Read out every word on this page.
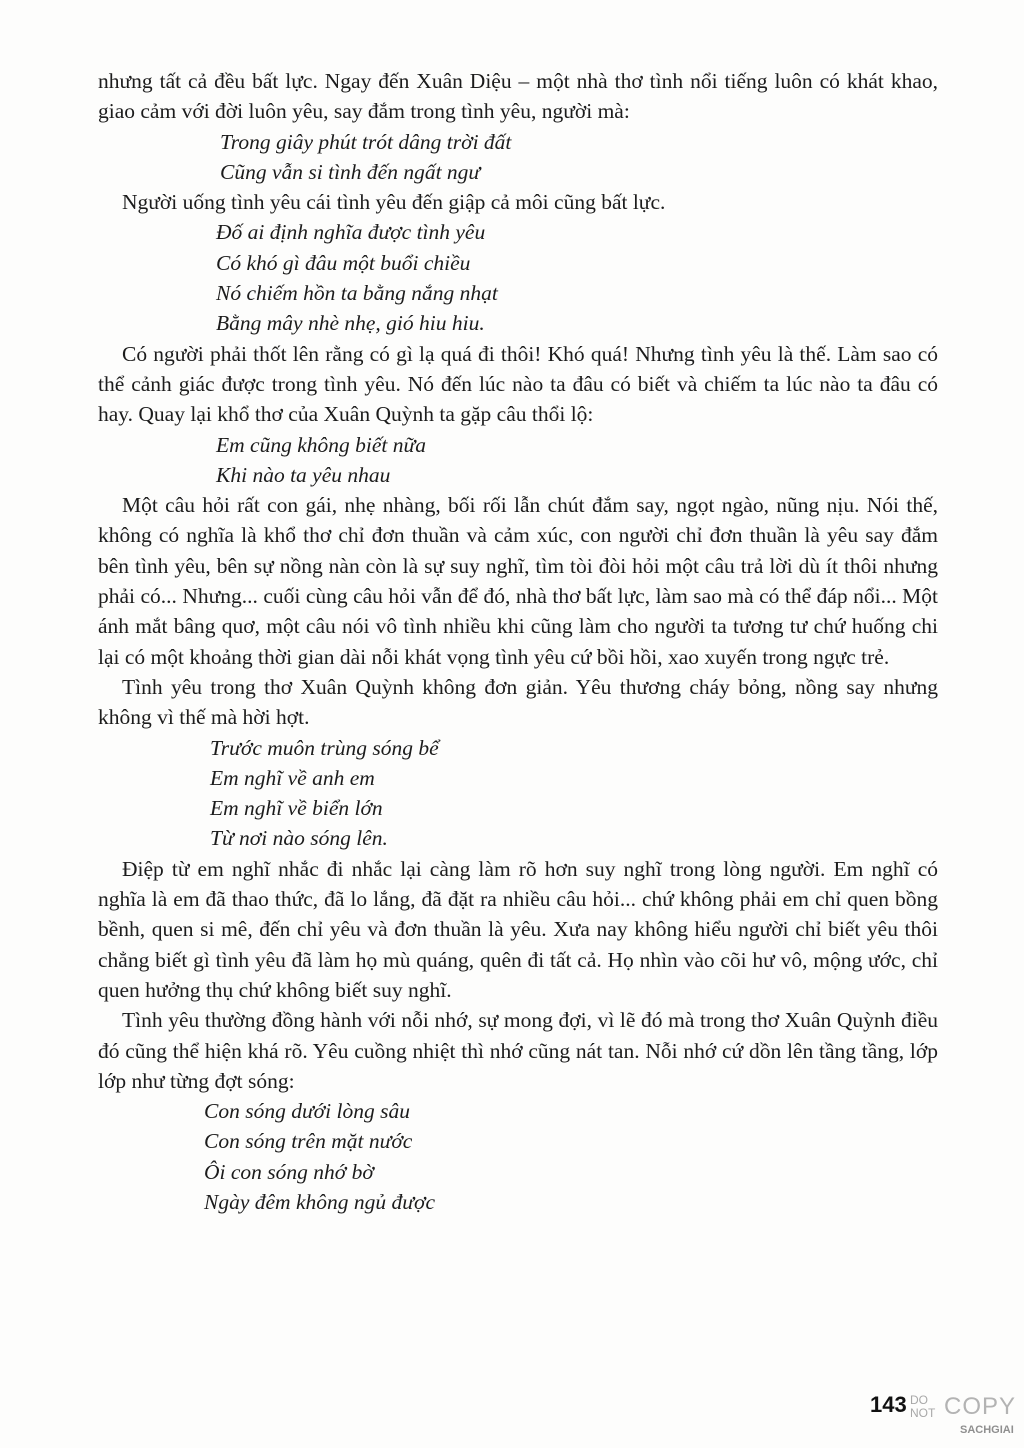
nhưng tất cả đều bất lực. Ngay đến Xuân Diệu – một nhà thơ tình nổi tiếng luôn có khát khao, giao cảm với đời luôn yêu, say đắm trong tình yêu, người mà:

Trong giây phút trót dâng trời đất
Cũng vẫn si tình đến ngất ngư

Người uống tình yêu cái tình yêu đến giập cả môi cũng bất lực.

Đố ai định nghĩa được tình yêu
Có khó gì đâu một buổi chiều
Nó chiếm hồn ta bằng nắng nhạt
Bằng mây nhè nhẹ, gió hiu hiu.

Có người phải thốt lên rằng có gì lạ quá đi thôi! Khó quá! Nhưng tình yêu là thế. Làm sao có thể cảnh giác được trong tình yêu. Nó đến lúc nào ta đâu có biết và chiếm ta lúc nào ta đâu có hay. Quay lại khổ thơ của Xuân Quỳnh ta gặp câu thổi lộ:

Em cũng không biết nữa
Khi nào ta yêu nhau

Một câu hỏi rất con gái, nhẹ nhàng, bối rối lẫn chút đắm say, ngọt ngào, nũng nịu. Nói thế, không có nghĩa là khổ thơ chỉ đơn thuần và cảm xúc, con người chỉ đơn thuần là yêu say đắm bên tình yêu, bên sự nồng nàn còn là sự suy nghĩ, tìm tòi đòi hỏi một câu trả lời dù ít thôi nhưng phải có... Nhưng... cuối cùng câu hỏi vẫn để đó, nhà thơ bất lực, làm sao mà có thể đáp nổi... Một ánh mắt bâng quơ, một câu nói vô tình nhiều khi cũng làm cho người ta tương tư chứ huống chi lại có một khoảng thời gian dài nỗi khát vọng tình yêu cứ bồi hồi, xao xuyến trong ngực trẻ.

Tình yêu trong thơ Xuân Quỳnh không đơn giản. Yêu thương cháy bỏng, nồng say nhưng không vì thế mà hời hợt.

Trước muôn trùng sóng bể
Em nghĩ về anh em
Em nghĩ về biển lớn
Từ nơi nào sóng lên.

Điệp từ em nghĩ nhắc đi nhắc lại càng làm rõ hơn suy nghĩ trong lòng người. Em nghĩ có nghĩa là em đã thao thức, đã lo lắng, đã đặt ra nhiều câu hỏi... chứ không phải em chỉ quen bồng bềnh, quen si mê, đến chỉ yêu và đơn thuần là yêu. Xưa nay không hiểu người chỉ biết yêu thôi chẳng biết gì tình yêu đã làm họ mù quáng, quên đi tất cả. Họ nhìn vào cõi hư vô, mộng ước, chỉ quen hưởng thụ chứ không biết suy nghĩ.

Tình yêu thường đồng hành với nỗi nhớ, sự mong đợi, vì lẽ đó mà trong thơ Xuân Quỳnh điều đó cũng thể hiện khá rõ. Yêu cuồng nhiệt thì nhớ cũng nát tan. Nỗi nhớ cứ dồn lên tầng tầng, lớp lớp như từng đợt sóng:

Con sóng dưới lòng sâu
Con sóng trên mặt nước
Ôi con sóng nhớ bờ
Ngày đêm không ngủ được
143 DO
NOT COPY
SACHGIAI
